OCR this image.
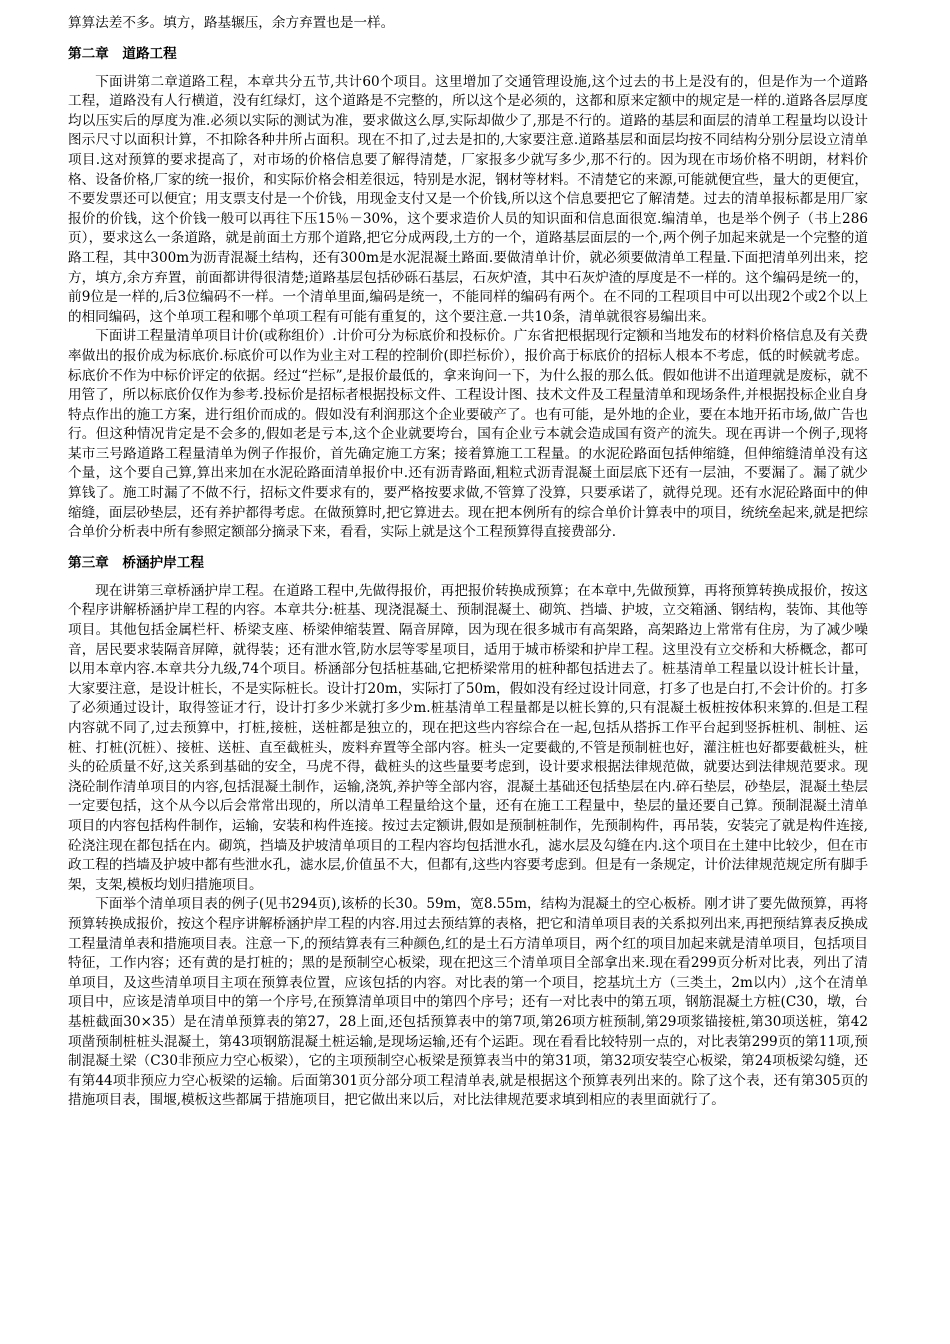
算算法差不多。填方，路基辗压，余方弃置也是一样。

第二章　道路工程

下面讲第二章道路工程，本章共分五节,共计60个项目。这里增加了交通管理设施,这个过去的书上是没有的，但是作为一个道路工程，道路没有人行横道，没有红绿灯，这个道路是不完整的，所以这个是必须的，这都和原来定额中的规定是一样的.道路各层厚度均以压实后的厚度为准.必须以实际的测试为准，要求做这么厚,实际却做少了,那是不行的。道路的基层和面层的清单工程量均以设计图示尺寸以面积计算，不扣除各种井所占面积。现在不扣了,过去是扣的,大家要注意.道路基层和面层均按不同结构分别分层设立清单项目.这对预算的要求提高了，对市场的价格信息要了解得清楚，厂家报多少就写多少,那不行的。因为现在市场价格不明朗，材料价格、设备价格,厂家的统一报价，和实际价格会相差很远，特别是水泥，钢材等材料。不清楚它的来源,可能就便宜些，量大的更便宜，不要发票还可以便宜；用支票支付是一个价钱，用现金支付又是一个价钱,所以这个信息要把它了解清楚。过去的清单报标都是用厂家报价的价钱，这个价钱一般可以再往下压15％－30%，这个要求造价人员的知识面和信息面很宽.编清单，也是举个例子（书上286页），要求这么一条道路，就是前面土方那个道路,把它分成两段,土方的一个，道路基层面层的一个,两个例子加起来就是一个完整的道路工程，其中300m为沥青混凝土结构，还有300m是水泥混凝土路面.要做清单计价，就必须要做清单工程量.下面把清单列出来，挖方，填方,余方弃置，前面都讲得很清楚;道路基层包括砂砾石基层，石灰炉渣，其中石灰炉渣的厚度是不一样的。这个编码是统一的，前9位是一样的,后3位编码不一样。一个清单里面,编码是统一，不能同样的编码有两个。在不同的工程项目中可以出现2个或2个以上的相同编码，这个单项工程和哪个单项工程有可能有重复的，这个要注意.一共10条，清单就很容易编出来。

下面讲工程量清单项目计价(或称组价）.计价可分为标底价和投标价。广东省把根据现行定额和当地发布的材料价格信息及有关费率做出的报价成为标底价.标底价可以作为业主对工程的控制价(即拦标价），报价高于标底价的招标人根本不考虑，低的时候就考虑。标底价不作为中标价评定的依据。经过“拦标”,是报价最低的，拿来询问一下，为什么报的那么低。假如他讲不出道理就是废标，就不用管了，所以标底价仅作为参考.投标价是招标者根据投标文件、工程设计图、技术文件及工程量清单和现场条件,并根据投标企业自身特点作出的施工方案，进行组价而成的。假如没有利润那这个企业要破产了。也有可能，是外地的企业，要在本地开拓市场,做广告也行。但这种情况肯定是不会多的,假如老是亏本,这个企业就要垮台，国有企业亏本就会造成国有资产的流失。现在再讲一个例子,现将某市三号路道路工程量清单为例子作报价，首先确定施工方案；接着算施工工程量。的水泥砼路面包括伸缩缝，但伸缩缝清单没有这个量，这个要自己算,算出来加在水泥砼路面清单报价中.还有沥青路面,粗粒式沥青混凝土面层底下还有一层油，不要漏了。漏了就少算钱了。施工时漏了不做不行，招标文件要求有的，要严格按要求做,不管算了没算，只要承诺了，就得兑现。还有水泥砼路面中的伸缩缝，面层砂垫层，还有养护都得考虑。在做预算时,把它算进去。现在把本例所有的综合单价计算表中的项目，统统垒起来,就是把综合单价分析表中所有参照定额部分摘录下来，看看，实际上就是这个工程预算得直接费部分.

第三章　桥涵护岸工程

现在讲第三章桥涵护岸工程。在道路工程中,先做得报价，再把报价转换成预算；在本章中,先做预算，再将预算转换成报价，按这个程序讲解桥涵护岸工程的内容。本章共分:桩基、现浇混凝土、预制混凝土、砌筑、挡墙、护坡，立交箱涵、钢结构，装饰、其他等项目。其他包括金属栏杆、桥梁支座、桥梁伸缩装置、隔音屏障，因为现在很多城市有高架路，高架路边上常常有住房，为了减少噪音，居民要求装隔音屏障，就得装；还有泄水管,防水层等零星项目，适用于城市桥梁和护岸工程。这里没有立交桥和大桥概念，都可以用本章内容.本章共分九级,74个项目。桥涵部分包括桩基础,它把桥梁常用的桩种都包括进去了。桩基清单工程量以设计桩长计量，大家要注意，是设计桩长，不是实际桩长。设计打20m，实际打了50m，假如没有经过设计同意，打多了也是白打,不会计价的。打多了必须通过设计，取得签证才行，设计打多少米就打多少m.桩基清单工程量都是以桩长算的,只有混凝土板桩按体积来算的.但是工程内容就不同了,过去预算中，打桩,接桩，送桩都是独立的，现在把这些内容综合在一起,包括从搭拆工作平台起到竖拆桩机、制桩、运桩、打桩(沉桩）、接桩、送桩、直至截桩头，废料弃置等全部内容。桩头一定要截的,不管是预制桩也好，灌注桩也好都要截桩头，桩头的砼质量不好,这关系到基础的安全，马虎不得，截桩头的这些量要考虑到，设计要求根据法律规范做，就要达到法律规范要求。现浇砼制作清单项目的内容,包括混凝土制作，运输,浇筑,养护等全部内容，混凝土基础还包括垫层在内.碎石垫层，砂垫层，混凝土垫层一定要包括，这个从今以后会常常出现的，所以清单工程量给这个量，还有在施工工程量中，垫层的量还要自己算。预制混凝土清单项目的内容包括构件制作，运输，安装和构件连接。按过去定额讲,假如是预制桩制作，先预制构件，再吊装，安装完了就是构件连接,砼浇注现在都包括在内。砌筑，挡墙及护坡清单项目的工程内容均包括泄水孔，滤水层及勾缝在内.这个项目在土建中比较少，但在市政工程的挡墙及护坡中都有些泄水孔，滤水层,价值虽不大，但都有,这些内容要考虑到。但是有一条规定，计价法律规范规定所有脚手架，支架,模板均划归措施项目。

下面举个清单项目表的例子(见书294页),该桥的长30。59m，宽8.55m，结构为混凝土的空心板桥。刚才讲了要先做预算，再将预算转换成报价，按这个程序讲解桥涵护岸工程的内容.用过去预结算的表格，把它和清单项目表的关系拟列出来,再把预结算表反换成工程量清单表和措施项目表。注意一下,的预结算表有三种颜色,红的是土石方清单项目，两个红的项目加起来就是清单项目，包括项目特征，工作内容；还有黄的是打桩的；黑的是预制空心板梁，现在把这三个清单项目全部拿出来.现在看299页分析对比表，列出了清单项目，及这些清单项目主项在预算表位置，应该包括的内容。对比表的第一个项目，挖基坑土方（三类土，2m以内）,这个在清单项目中，应该是清单项目中的第一个序号,在预算清单项目中的第四个序号；还有一对比表中的第五项，钢筋混凝土方桩(C30，墩，台基桩截面30×35）是在清单预算表的第27，28上面,还包括预算表中的第7项,第26项方桩预制,第29项浆锚接桩,第30项送桩，第42项凿预制桩桩头混凝土，第43项钢筋混凝土桩运输,是现场运输,还有个运距。现在看看比较特别一点的，对比表第299页的第11项,预制混凝土梁（C30非预应力空心板梁），它的主项预制空心板梁是预算表当中的第31项，第32项安装空心板梁，第24项板梁勾缝，还有第44项非预应力空心板梁的运输。后面第301页分部分项工程清单表,就是根据这个预算表列出来的。除了这个表，还有第305页的措施项目表，围堰,模板这些都属于措施项目，把它做出来以后，对比法律规范要求填到相应的表里面就行了。
